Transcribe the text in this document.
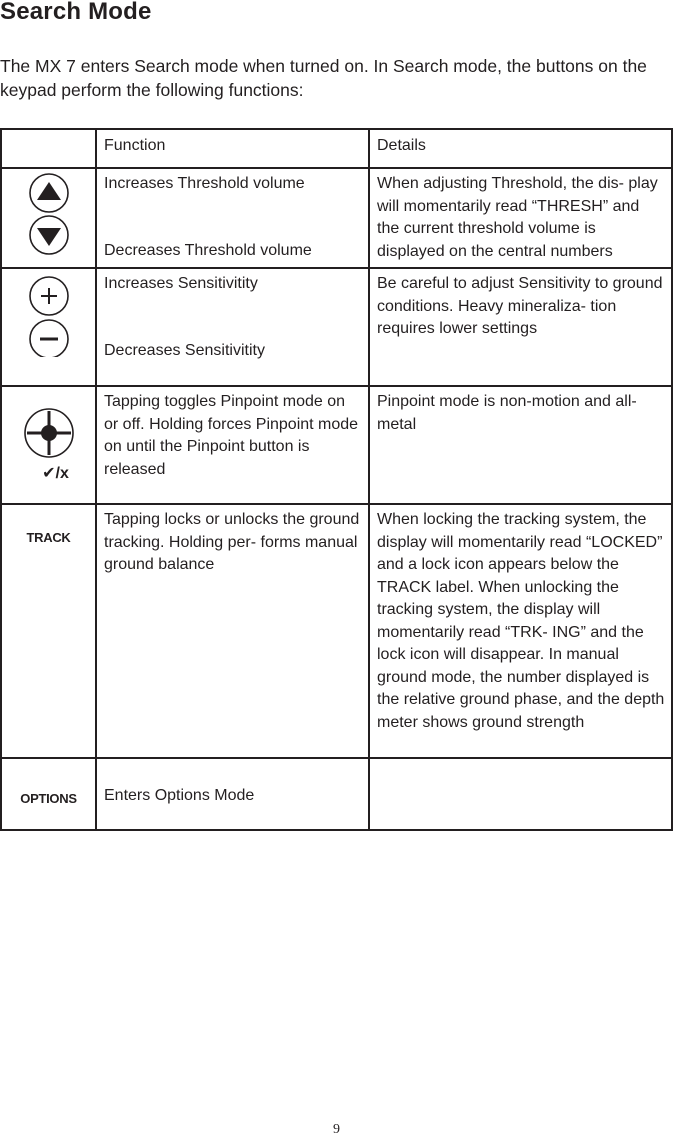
Search Mode
The MX 7 enters Search mode when turned on. In Search mode, the buttons on the keypad perform the following functions:
	Function	Details

	Increases Threshold volume
Decreases Threshold volume	When adjusting Threshold, the dis- play will momentarily read “THRESH” and the current threshold volume is displayed on the central numbers

	Increases Sensitivitity
Decreases Sensitivitity	Be careful to adjust Sensitivity to ground conditions. Heavy mineraliza- tion requires lower settings

✔/x	Tapping toggles Pinpoint mode on or off. Holding forces Pinpoint mode on until the Pinpoint button is released	Pinpoint mode is non-motion and all-metal
TRACK	Tapping locks or unlocks the ground tracking. Holding per- forms manual ground balance	When locking the tracking system, the display will momentarily read “LOCKED” and a lock icon appears below the TRACK label. When unlocking the tracking system, the display will momentarily read “TRK- ING” and the lock icon will disappear. In manual ground mode, the number displayed is the relative ground phase, and the depth meter shows ground strength
OPTIONS	Enters Options Mode	
9
